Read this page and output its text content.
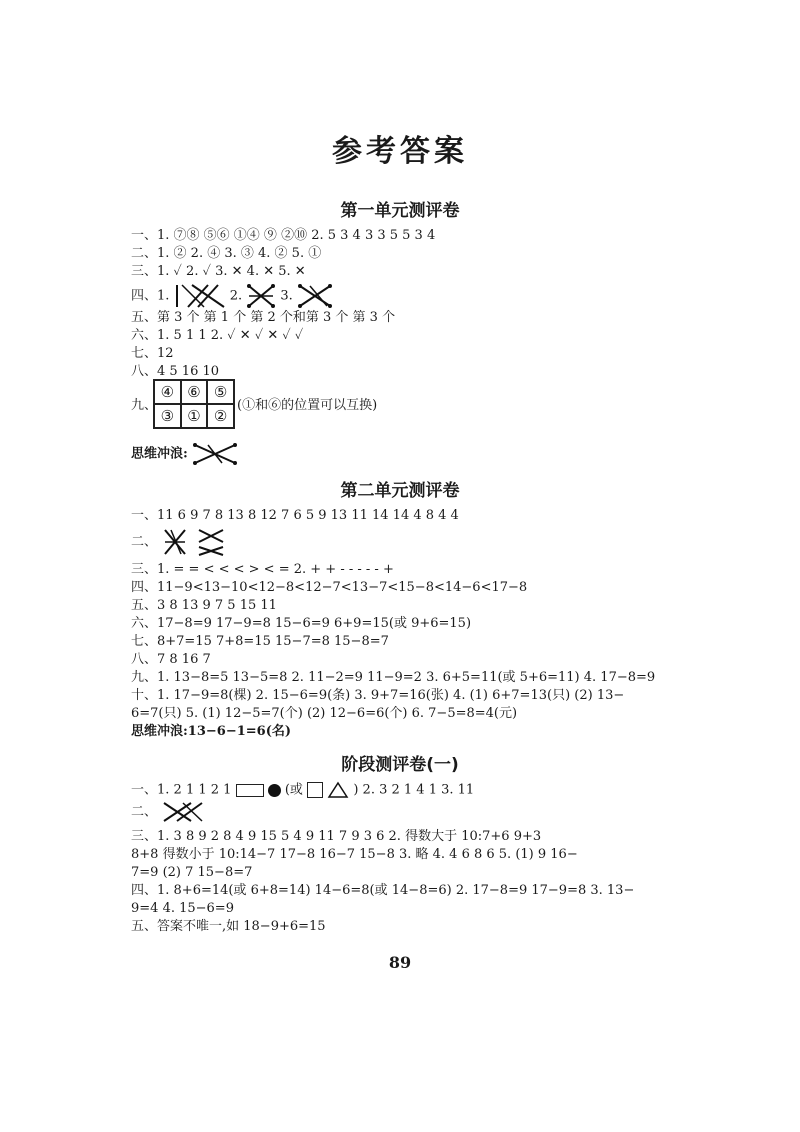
参考答案
第一单元测评卷
一、1. ⑦⑧ ⑤⑥ ①④ ⑨ ②⑩ 2. 5 3 4 3 3 5 5 3 4
二、1. ② 2. ④ 3. ③ 4. ② 5. ①
三、1. ✓ 2. ✓ 3. ✕ 4. ✕ 5. ✕
四、1.	2.	3.
五、第 3 个 第 1 个 第 2 个和第 3 个 第 3 个
六、1. 5 1 1 2. ✓ ✕ ✓ ✕ ✓ ✓
七、12
八、4 5 16 10
九、
④ ⑥ ⑤
③ ① ②
(①和⑥的位置可以互换)
思维冲浪:
第二单元测评卷
一、11 6 9 7 8 13 8 12 7 6 5 9 13 11 14 14 4 8 4 4
二、
三、1. = = < < < > < = 2. + + - - - - - +
四、11−9<13−10<12−8<12−7<13−7<15−8<14−6<17−8
五、3 8 13 9 7 5 15 11
六、17−8=9 17−9=8 15−6=9 6+9=15(或 9+6=15)
七、8+7=15 7+8=15 15−7=8 15−8=7
八、7 8 16 7
九、1. 13−8=5 13−5=8 2. 11−2=9 11−9=2 3. 6+5=11(或 5+6=11) 4. 17−8=9
十、1. 17−9=8(棵) 2. 15−6=9(条) 3. 9+7=16(张) 4. (1) 6+7=13(只) (2) 13−
6=7(只) 5. (1) 12−5=7(个) (2) 12−6=6(个) 6. 7−5=8=4(元)
思维冲浪:13−6−1=6(名)
阶段测评卷(一)
一、1. 2 1 1 2 1	(或	) 2. 3 2 1 4 1 3. 11
二、
三、1. 3 8 9 2 8 4 9 15 5 4 9 11 7 9 3 6 2. 得数大于 10:7+6 9+3
8+8 得数小于 10:14−7 17−8 16−7 15−8 3. 略 4. 4 6 8 6 5. (1) 9 16−
7=9 (2) 7 15−8=7
四、1. 8+6=14(或 6+8=14) 14−6=8(或 14−8=6) 2. 17−8=9 17−9=8 3. 13−
9=4 4. 15−6=9
五、答案不唯一,如 18−9+6=15
89
